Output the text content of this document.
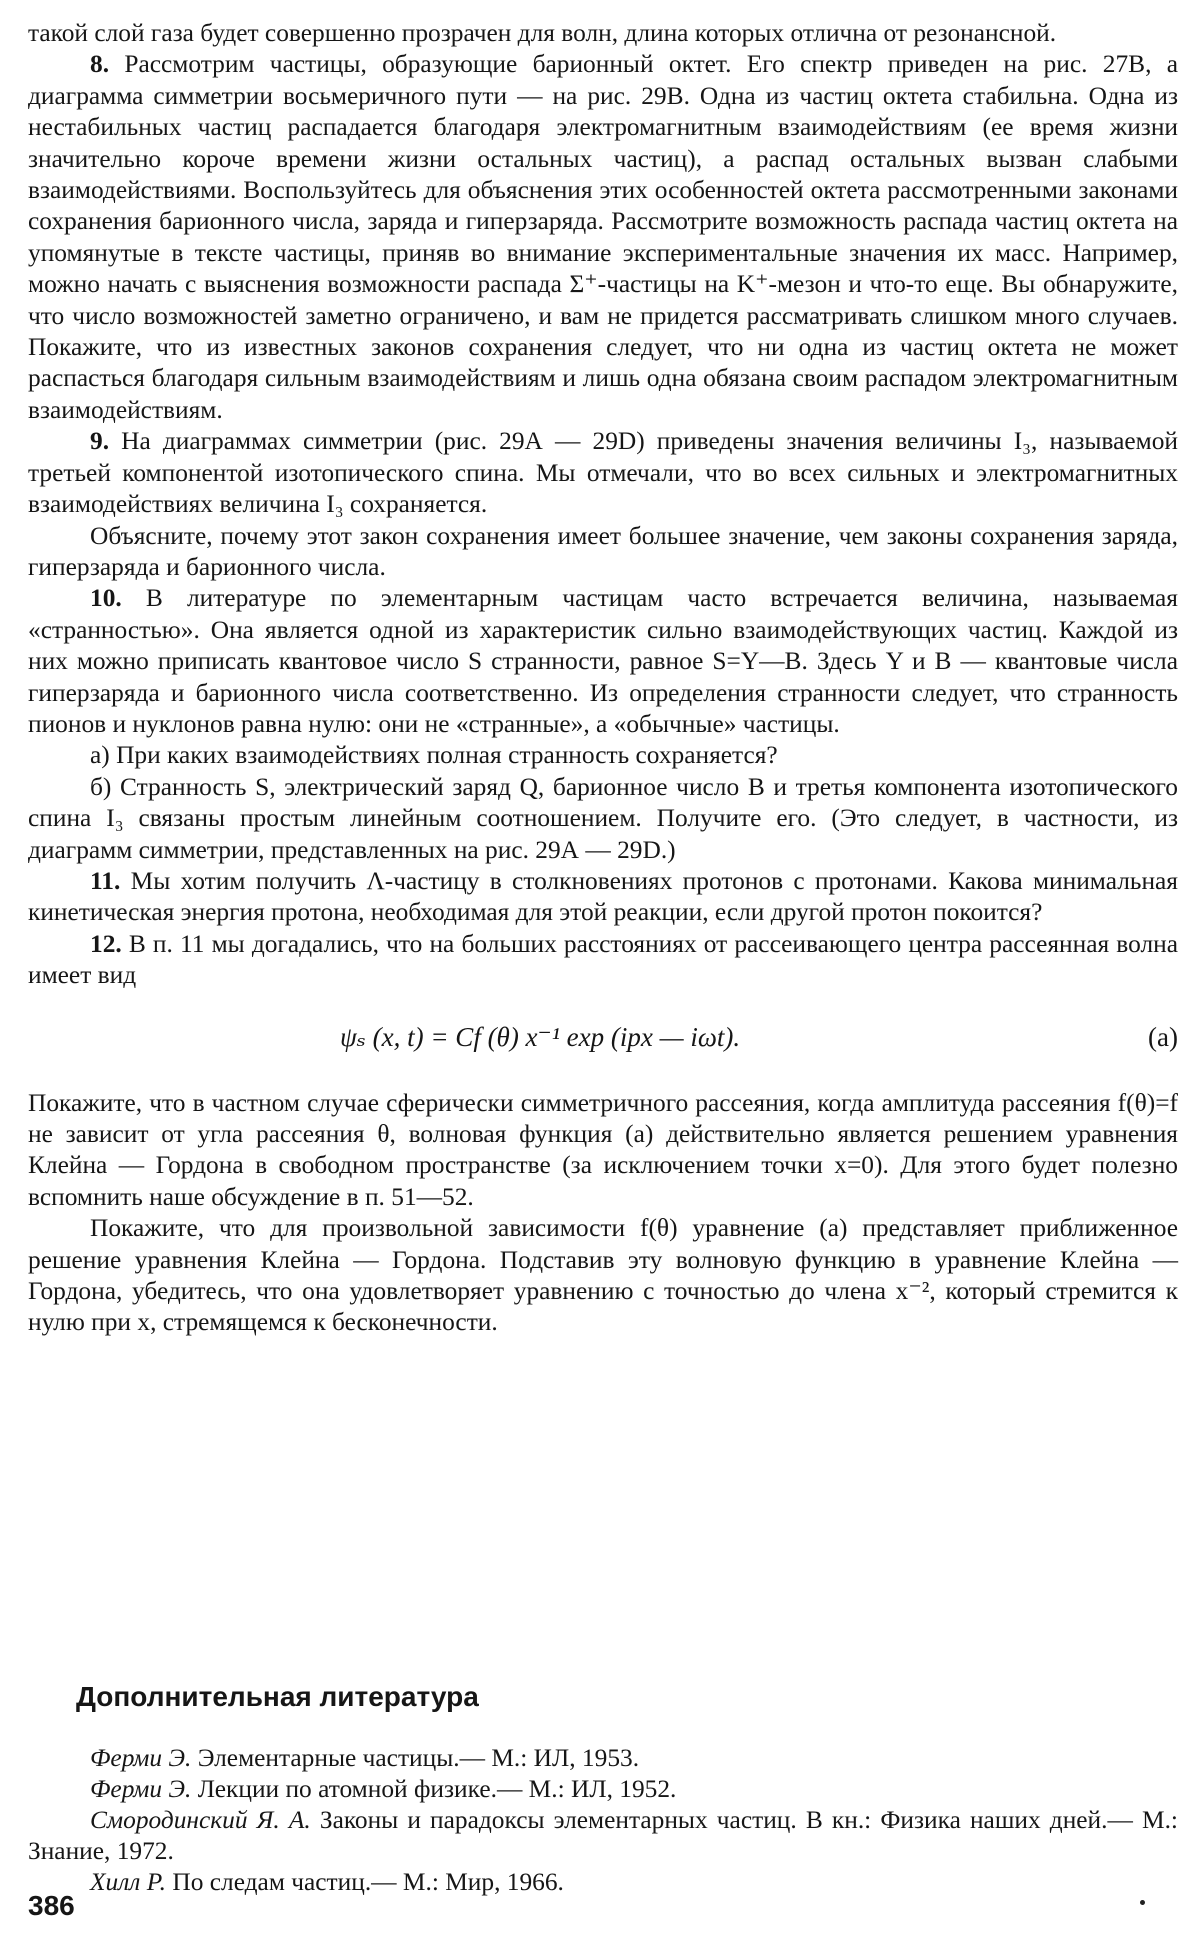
такой слой газа будет совершенно прозрачен для волн, длина которых отлична от резонансной.

8. Рассмотрим частицы, образующие барионный октет. Его спектр приведен на рис. 27В, а диаграмма симметрии восьмеричного пути — на рис. 29В. Одна из частиц октета стабильна. Одна из нестабильных частиц распадается благодаря электромагнитным взаимодействиям (ее время жизни значительно короче времени жизни остальных частиц), а распад остальных вызван слабыми взаимодействиями. Воспользуйтесь для объяснения этих особенностей октета рассмотренными законами сохранения барионного числа, заряда и гиперзаряда. Рассмотрите возможность распада частиц октета на упомянутые в тексте частицы, приняв во внимание экспериментальные значения их масс. Например, можно начать с выяснения возможности распада Σ⁺-частицы на K⁺-мезон и что-то еще. Вы обнаружите, что число возможностей заметно ограничено, и вам не придется рассматривать слишком много случаев. Покажите, что из известных законов сохранения следует, что ни одна из частиц октета не может распасться благодаря сильным взаимодействиям и лишь одна обязана своим распадом электромагнитным взаимодействиям.

9. На диаграммах симметрии (рис. 29А — 29D) приведены значения величины I₃, называемой третьей компонентой изотопического спина. Мы отмечали, что во всех сильных и электромагнитных взаимодействиях величина I₃ сохраняется.

Объясните, почему этот закон сохранения имеет большее значение, чем законы сохранения заряда, гиперзаряда и барионного числа.

10. В литературе по элементарным частицам часто встречается величина, называемая «странностью». Она является одной из характеристик сильно взаимодействующих частиц. Каждой из них можно приписать квантовое число S странности, равное S=Y—B. Здесь Y и B — квантовые числа гиперзаряда и барионного числа соответственно. Из определения странности следует, что странность пионов и нуклонов равна нулю: они не «странные», а «обычные» частицы.

а) При каких взаимодействиях полная странность сохраняется?

б) Странность S, электрический заряд Q, барионное число B и третья компонента изотопического спина I₃ связаны простым линейным соотношением. Получите его. (Это следует, в частности, из диаграмм симметрии, представленных на рис. 29А — 29D.)

11. Мы хотим получить Λ-частицу в столкновениях протонов с протонами. Какова минимальная кинетическая энергия протона, необходимая для этой реакции, если другой протон покоится?

12. В п. 11 мы догадались, что на больших расстояниях от рассеивающего центра рассеянная волна имеет вид

ψₛ (x, t) = Cf (θ) x⁻¹ exp (ipx — iωt).	(a)

Покажите, что в частном случае сферически симметричного рассеяния, когда амплитуда рассеяния f(θ)=f не зависит от угла рассеяния θ, волновая функция (а) действительно является решением уравнения Клейна — Гордона в свободном пространстве (за исключением точки x=0). Для этого будет полезно вспомнить наше обсуждение в п. 51—52.

Покажите, что для произвольной зависимости f(θ) уравнение (а) представляет приближенное решение уравнения Клейна — Гордона. Подставив эту волновую функцию в уравнение Клейна — Гордона, убедитесь, что она удовлетворяет уравнению с точностью до члена x⁻², который стремится к нулю при x, стремящемся к бесконечности.

Дополнительная литература

Ферми Э. Элементарные частицы.— М.: ИЛ, 1953.

Ферми Э. Лекции по атомной физике.— М.: ИЛ, 1952.

Смородинский Я. А. Законы и парадоксы элементарных частиц. В кн.: Физика наших дней.— М.: Знание, 1972.

Хилл Р. По следам частиц.— М.: Мир, 1966.

386
